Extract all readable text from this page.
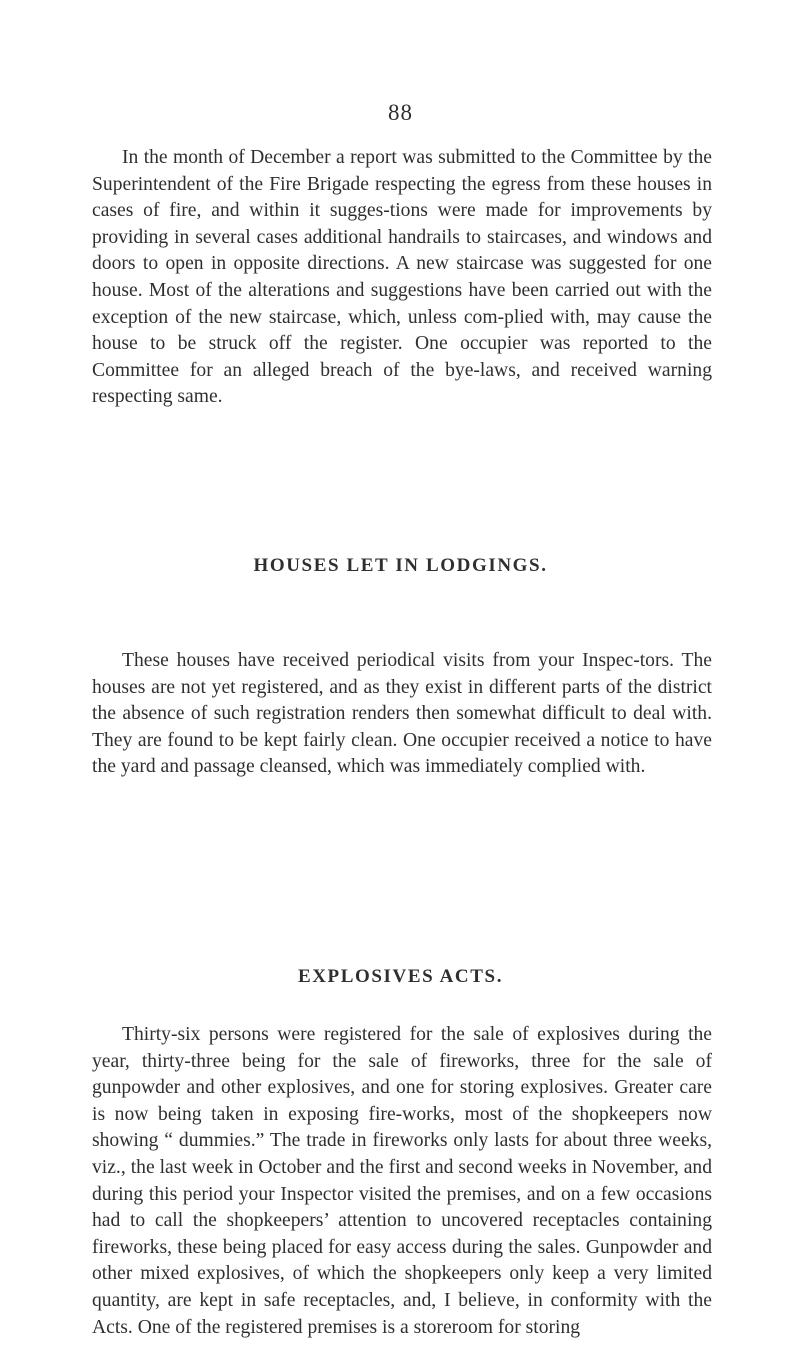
88

In the month of December a report was submitted to the Committee by the Superintendent of the Fire Brigade respecting the egress from these houses in cases of fire, and within it sugges-tions were made for improvements by providing in several cases additional handrails to staircases, and windows and doors to open in opposite directions. A new staircase was suggested for one house. Most of the alterations and suggestions have been carried out with the exception of the new staircase, which, unless com-plied with, may cause the house to be struck off the register. One occupier was reported to the Committee for an alleged breach of the bye-laws, and received warning respecting same.

HOUSES LET IN LODGINGS.

These houses have received periodical visits from your Inspec-tors. The houses are not yet registered, and as they exist in different parts of the district the absence of such registration renders then somewhat difficult to deal with. They are found to be kept fairly clean. One occupier received a notice to have the yard and passage cleansed, which was immediately complied with.

EXPLOSIVES ACTS.

Thirty-six persons were registered for the sale of explosives during the year, thirty-three being for the sale of fireworks, three for the sale of gunpowder and other explosives, and one for storing explosives. Greater care is now being taken in exposing fire-works, most of the shopkeepers now showing “ dummies.” The trade in fireworks only lasts for about three weeks, viz., the last week in October and the first and second weeks in November, and during this period your Inspector visited the premises, and on a few occasions had to call the shopkeepers’ attention to uncovered receptacles containing fireworks, these being placed for easy access during the sales. Gunpowder and other mixed explosives, of which the shopkeepers only keep a very limited quantity, are kept in safe receptacles, and, I believe, in conformity with the Acts. One of the registered premises is a storeroom for storing
